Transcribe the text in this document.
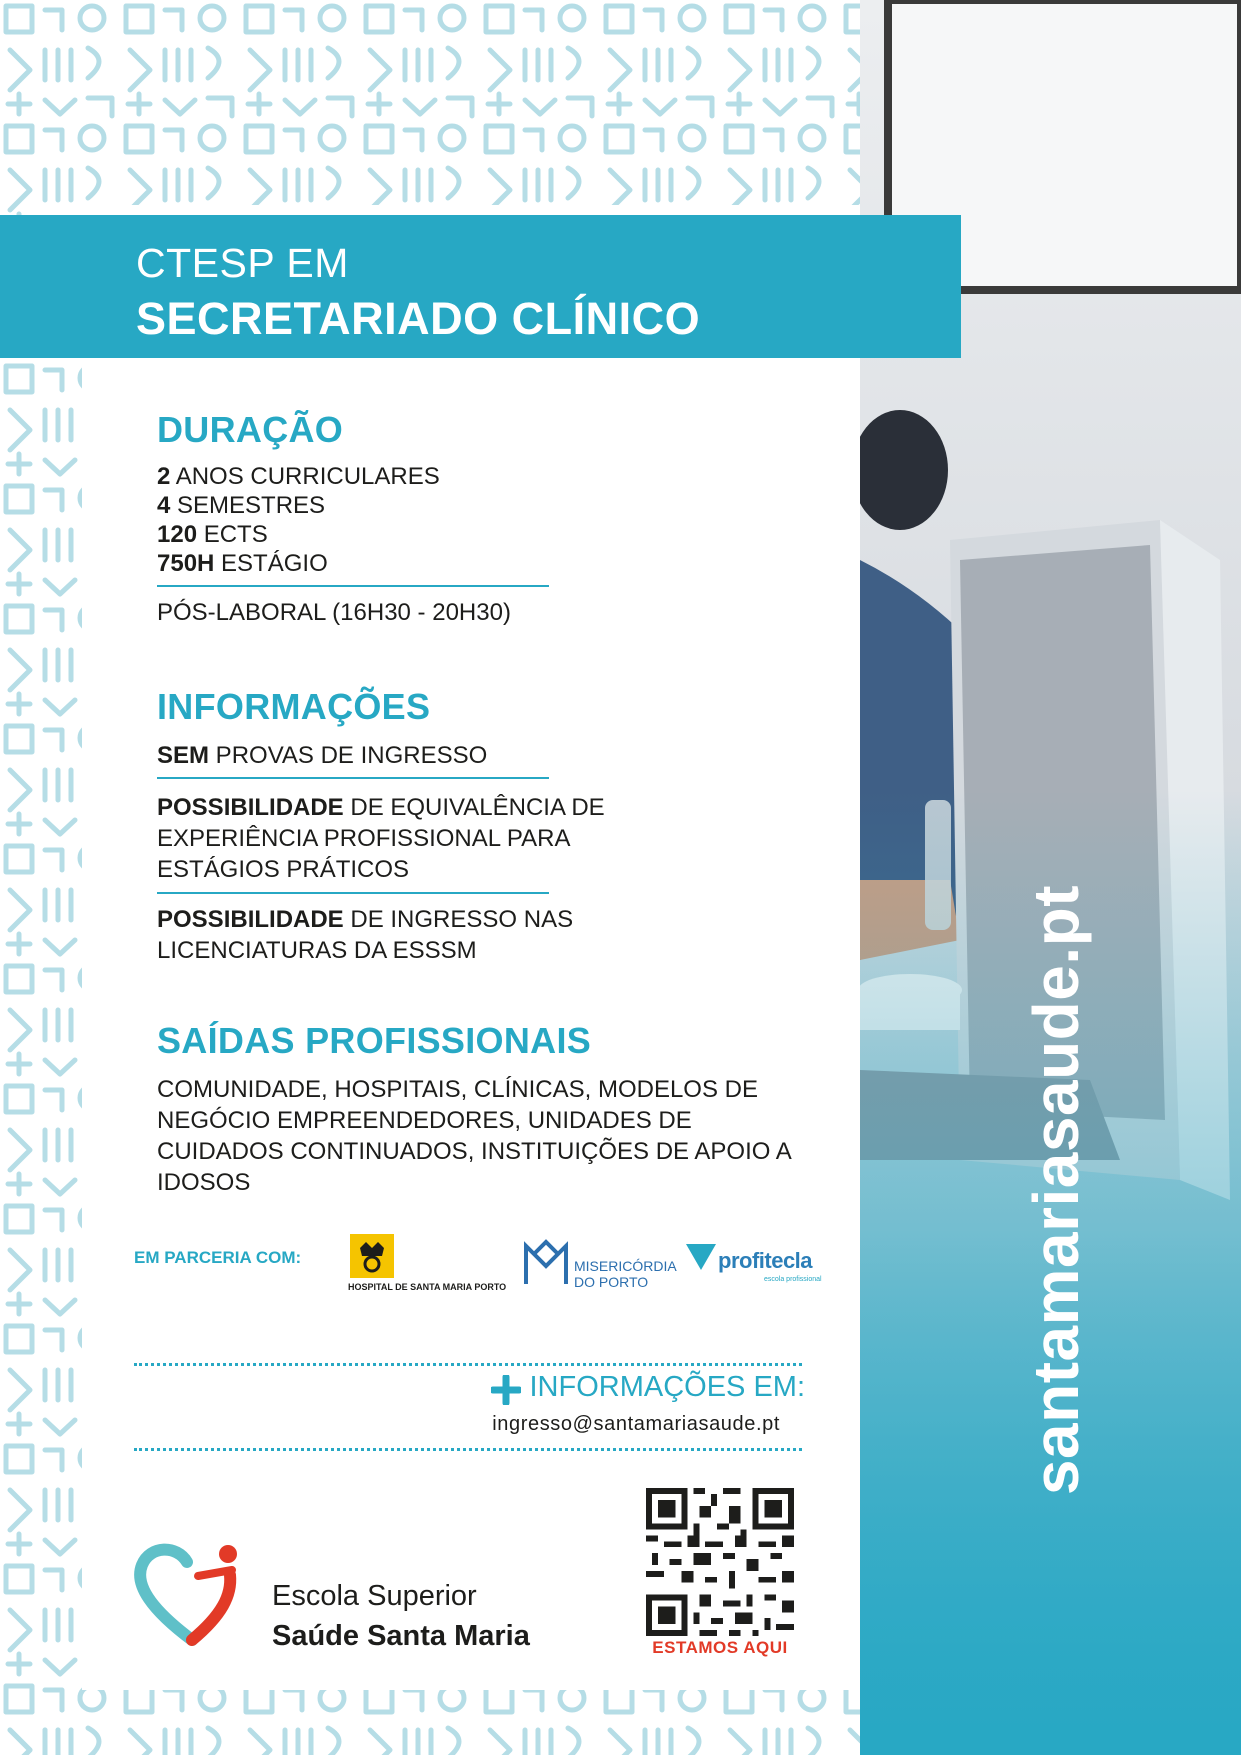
santamariasaude.pt
CTESP EM
SECRETARIADO CLÍNICO
DURAÇÃO
2 ANOS CURRICULARES
4 SEMESTRES
120 ECTS
750H ESTÁGIO
PÓS-LABORAL (16H30 - 20H30)
INFORMAÇÕES
SEM PROVAS DE INGRESSO
POSSIBILIDADE DE EQUIVALÊNCIA DE EXPERIÊNCIA PROFISSIONAL PARA ESTÁGIOS PRÁTICOS
POSSIBILIDADE DE INGRESSO NAS LICENCIATURAS DA ESSSM
SAÍDAS PROFISSIONAIS
COMUNIDADE, HOSPITAIS, CLÍNICAS, MODELOS DE NEGÓCIO EMPREENDEDORES, UNIDADES DE CUIDADOS CONTINUADOS, INSTITUIÇÕES DE APOIO A IDOSOS
EM PARCERIA COM:
HOSPITAL DE SANTA MARIA PORTO
MISERICÓRDIA
DO PORTO
profitecla
escola profissional
INFORMAÇÕES EM:
ingresso@santamariasaude.pt
Escola Superior
Saúde Santa Maria	ESTAMOS AQUI
